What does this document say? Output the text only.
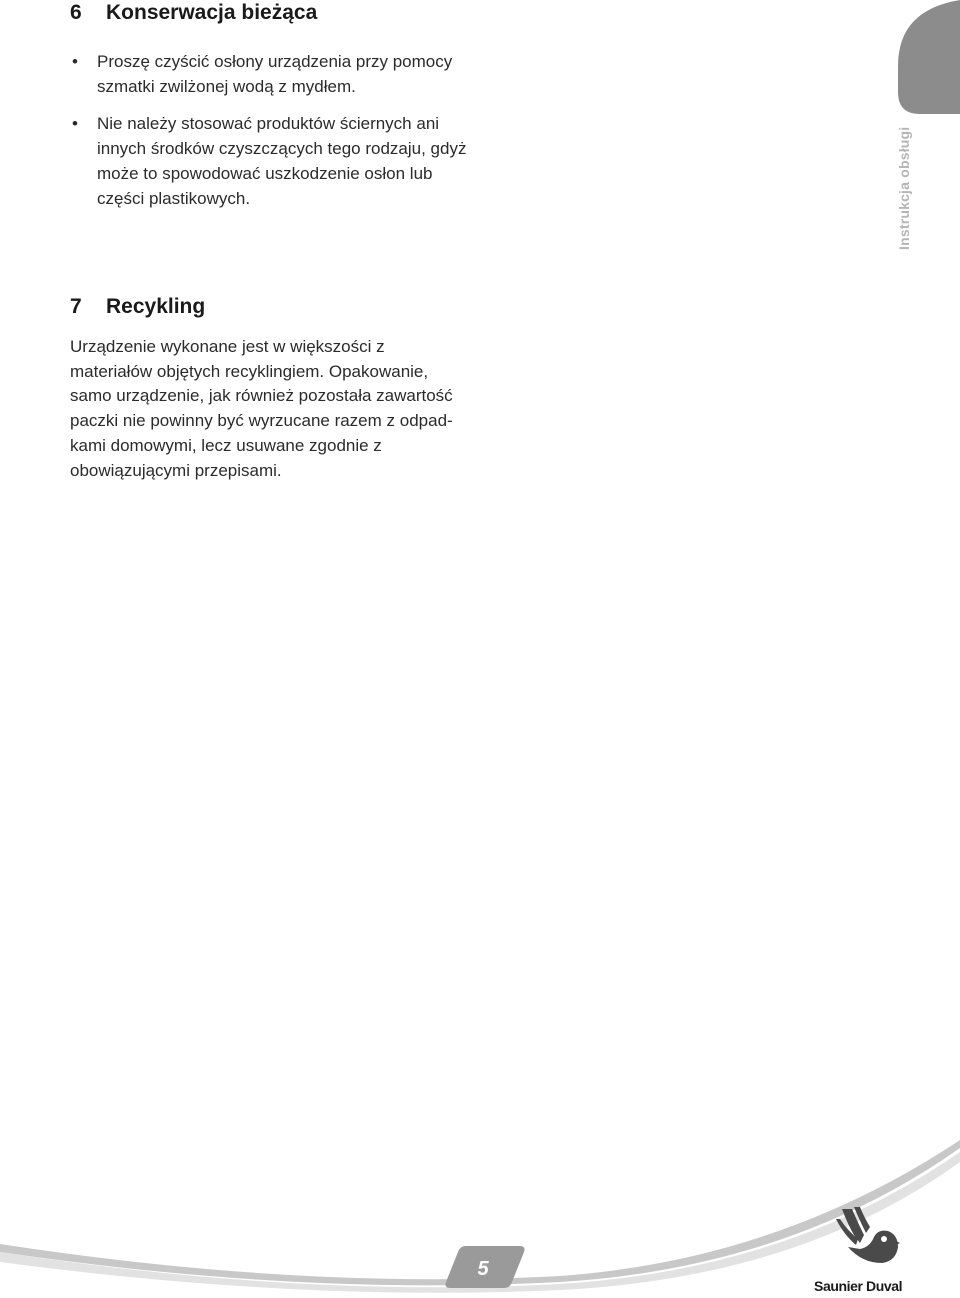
6 Konserwacja bieżąca
• Proszę czyścić osłony urządzenia przy pomocy szmatki zwilżonej wodą z mydłem.
• Nie należy stosować produktów ściernych ani innych środków czyszczących tego rodzaju, gdyż może to spowodować uszkodzenie osłon lub części plastikowych.
7 Recykling

Urządzenie wykonane jest w większości z materiałów objętych recyklingiem. Opakowanie, samo urządzenie, jak również pozostała zawartość paczki nie powinny być wyrzucane razem z odpad-kami domowymi, lecz usuwane zgodnie z obowiązującymi przepisami.

Instrukcja obsługi
5
Saunier Duval
